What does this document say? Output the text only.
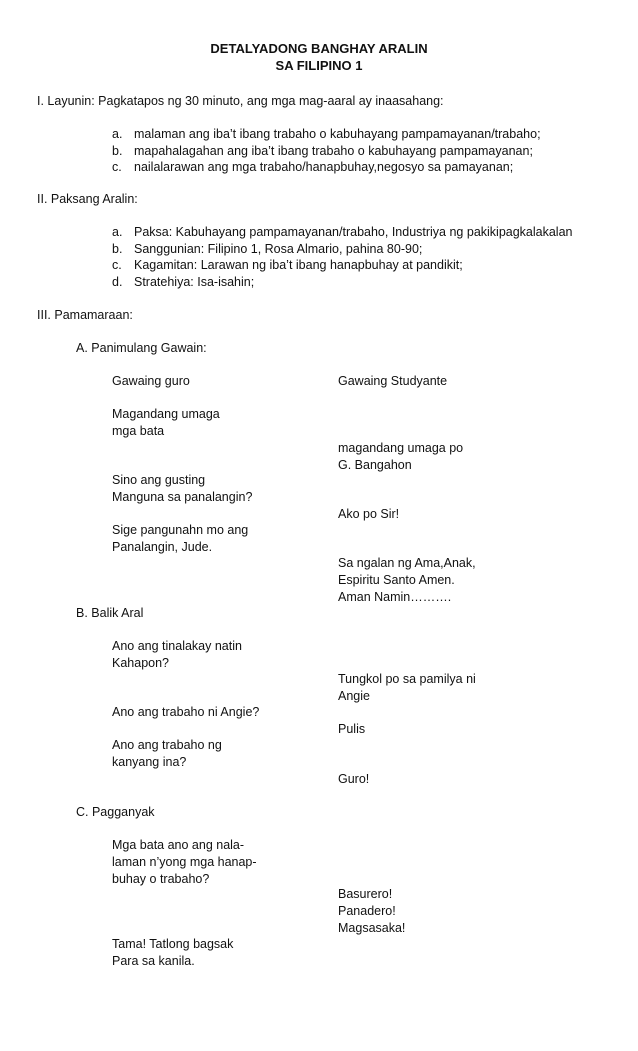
DETALYADONG BANGHAY ARALIN
SA FILIPINO 1
I. Layunin: Pagkatapos ng 30 minuto, ang mga mag-aaral ay inaasahang:
a. malaman ang iba’t ibang trabaho o kabuhayang pampamayanan/trabaho;
b. mapahalagahan ang iba’t ibang trabaho o kabuhayang pampamayanan;
c. nailalarawan ang mga trabaho/hanapbuhay,negosyo sa pamayanan;
II. Paksang Aralin:
a. Paksa: Kabuhayang pampamayanan/trabaho, Industriya ng pakikipagkalakalan
b. Sanggunian: Filipino 1, Rosa Almario, pahina 80-90;
c. Kagamitan: Larawan ng iba’t ibang hanapbuhay at pandikit;
d. Stratehiya: Isa-isahin;
III. Pamamaraan:
A. Panimulang Gawain:
Gawaing guro	Gawaing Studyante
Magandang umaga
mga bata
Sino ang gusting
Manguna sa panalangin?
Sige pangunahn mo ang
Panalangin, Jude.
magandang umaga po
G. Bangahon
Ako po Sir!
Sa ngalan ng Ama,Anak,
Espiritu Santo Amen.
Aman Namin……….
B. Balik Aral
Ano ang tinalakay natin
Kahapon?
Ano ang trabaho ni Angie?
Ano ang trabaho ng
kanyang ina?
Tungkol po sa pamilya ni
Angie
Pulis
Guro!
C. Pagganyak
Mga bata ano ang nala-
laman n’yong mga hanap-
buhay o trabaho?
Tama! Tatlong bagsak
Para sa kanila.
Basurero!
Panadero!
Magsasaka!
